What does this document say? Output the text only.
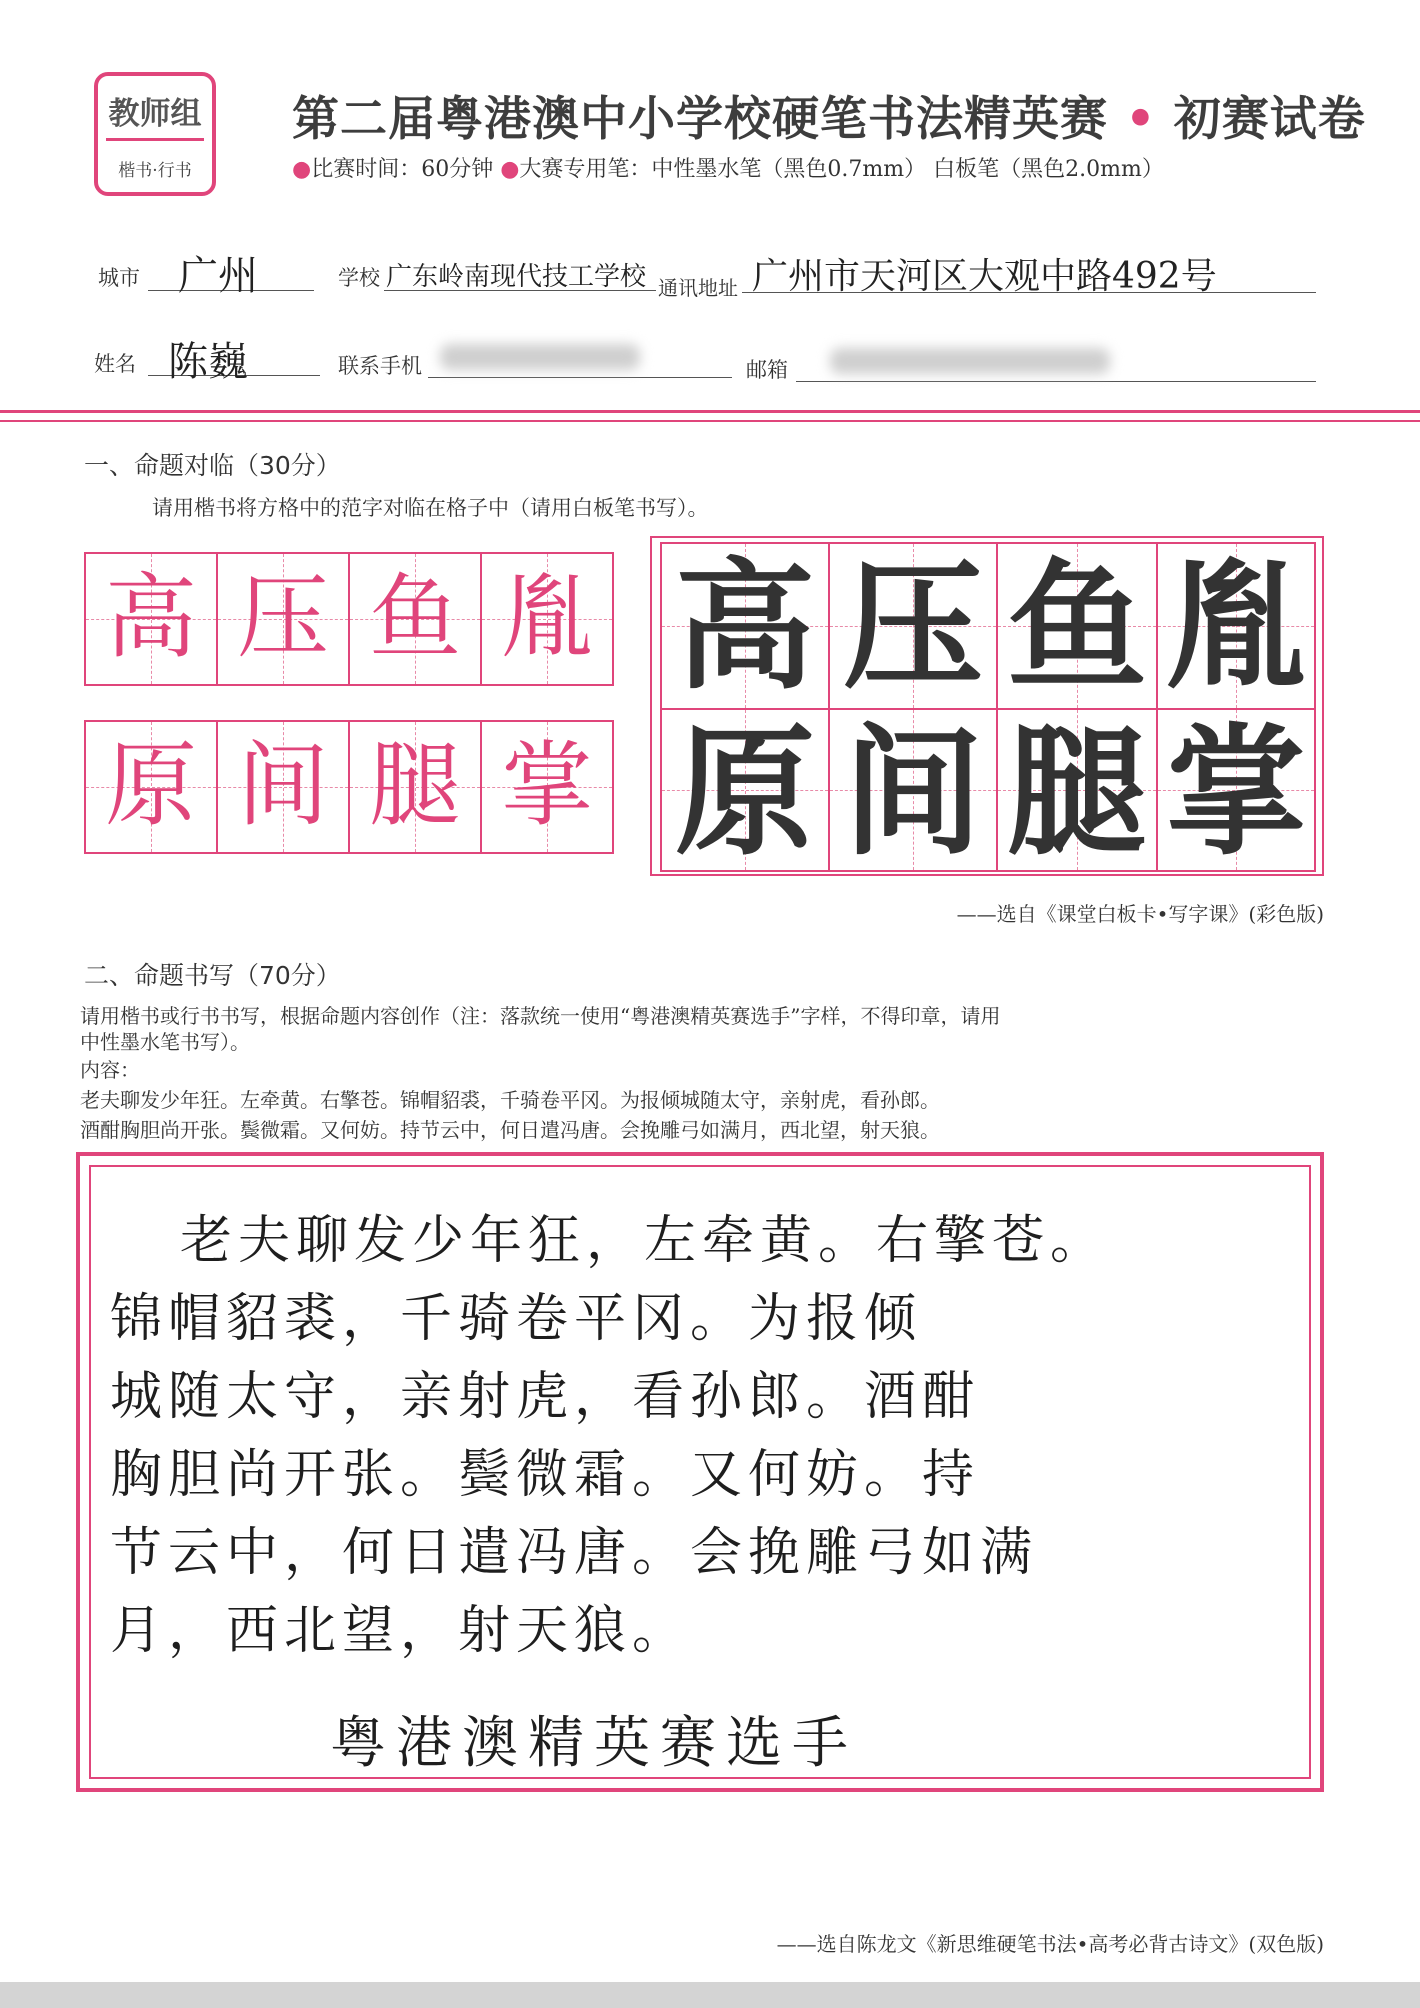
教师组
楷书·行书
第二届粤港澳中小学校硬笔书法精英赛 • 初赛试卷
●比赛时间：60分钟 ●大赛专用笔：中性墨水笔（黑色0.7mm） 白板笔（黑色2.0mm）
城市 广州	学校 广东岭南现代技工学校 通讯地址 广州市天河区大观中路492号
姓名 陈巍	联系手机	邮箱
一、命题对临（30分）
请用楷书将方格中的范字对临在格子中（请用白板笔书写）。
高 压 鱼 胤
原 间 腿 掌
高 压 鱼 胤
原 间 腿 掌
——选自《课堂白板卡•写字课》(彩色版)
二、命题书写（70分）
请用楷书或行书书写，根据命题内容创作（注：落款统一使用“粤港澳精英赛选手”字样，不得印章，请用
中性墨水笔书写）。
内容：
老夫聊发少年狂。左牵黄。右擎苍。锦帽貂裘，千骑卷平冈。为报倾城随太守，亲射虎，看孙郎。
酒酣胸胆尚开张。鬓微霜。又何妨。持节云中，何日遣冯唐。会挽雕弓如满月，西北望，射天狼。
老夫聊发少年狂，左牵黄。右擎苍。
锦帽貂裘，千骑卷平冈。为报倾
城随太守，亲射虎，看孙郎。酒酣
胸胆尚开张。鬓微霜。又何妨。持
节云中，何日遣冯唐。会挽雕弓如满
月，西北望，射天狼。
粤港澳精英赛选手
——选自陈龙文《新思维硬笔书法•高考必背古诗文》(双色版)
